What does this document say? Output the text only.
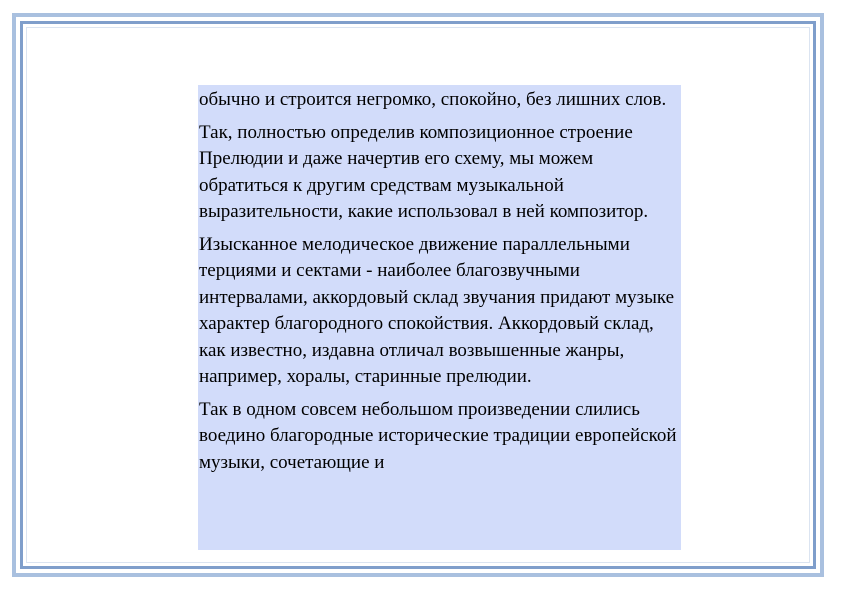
обычно и строится негромко, спокойно, без лишних слов.

Так, полностью определив композиционное строение Прелюдии и даже начертив его схему, мы можем обратиться к другим средствам музыкальной выразительности, какие использовал в ней композитор.

Изысканное мелодическое движение параллельными терциями и сектами - наиболее благозвучными интервалами, аккордовый склад звучания придают музыке характер благородного спокойствия. Аккордовый склад, как известно, издавна отличал возвышенные жанры, например, хоралы, старинные прелюдии.

Так в одном совсем небольшом произведении слились воедино благородные исторические традиции европейской музыки, сочетающие и
